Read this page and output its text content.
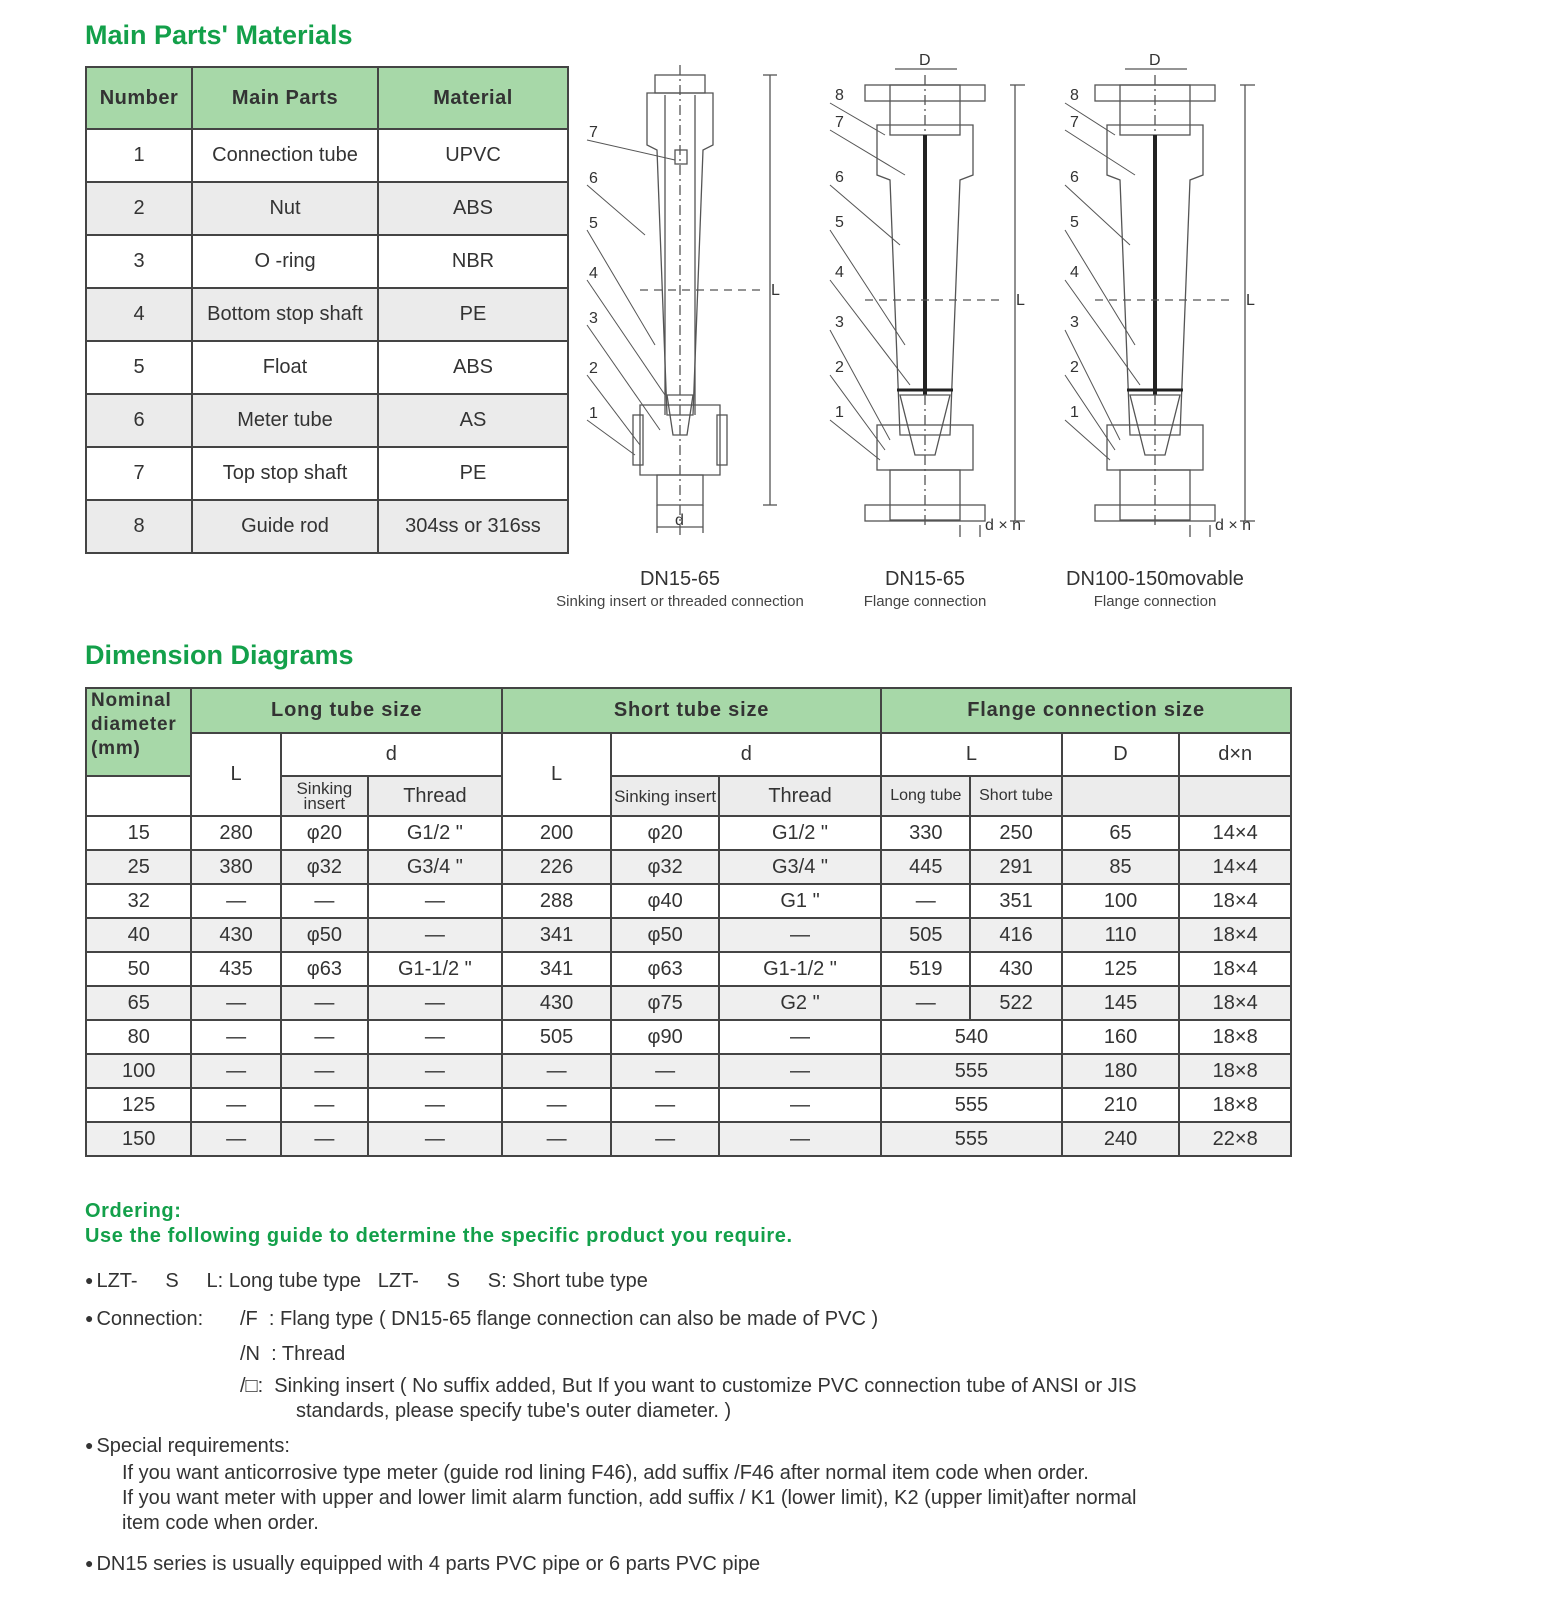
Main Parts' Materials
Number	Main Parts	Material
1	Connection tube	UPVC
2	Nut	ABS
3	O -ring	NBR
4	Bottom stop shaft	PE
5	Float	ABS
6	Meter tube	AS
7	Top stop shaft	PE
8	Guide rod	304ss or 316ss
7
6
5
4
3
2
1
8
7
6
5
4
3
2
1
8
7
6
5
4
3
2
1
L
d
D
L
d × n
D
L
d × n
DN15-65
Sinking insert or threaded connection
DN15-65
Flange connection
DN100-150movable
Flange connection
Dimension Diagrams
Nominal diameter (mm)	Long tube size			Short tube size			Flange connection size			
	L	d		L	d		L		D	d×n
		Sinking insert	Thread		Sinking insert	Thread	Long tube	Short tube		
15	280	φ20	G1/2 "	200	φ20	G1/2 "	330	250	65	14×4
25	380	φ32	G3/4 "	226	φ32	G3/4 "	445	291	85	14×4
32	—	—	—	288	φ40	G1 "	—	351	100	18×4
40	430	φ50	—	341	φ50	—	505	416	110	18×4
50	435	φ63	G1-1/2 "	341	φ63	G1-1/2 "	519	430	125	18×4
65	—	—	—	430	φ75	G2 "	—	522	145	18×4
80	—	—	—	505	φ90	—	540		160	18×8
100	—	—	—	—	—	—	555		180	18×8
125	—	—	—	—	—	—	555		210	18×8
150	—	—	—	—	—	—	555		240	22×8
Ordering:
Use the following guide to determine the specific product you require.
● LZT-     S     L: Long tube type   LZT-     S     S: Short tube type
● Connection: /F  : Flang type ( DN15-65 flange connection can also be made of PVC )
/N  : Thread
/□:  Sinking insert ( No suffix added, But If you want to customize PVC connection tube of ANSI or JIS
standards, please specify tube's outer diameter. )
● Special requirements:
If you want anticorrosive type meter (guide rod lining F46), add suffix /F46 after normal item code when order.
If you want meter with upper and lower limit alarm function, add suffix / K1 (lower limit), K2 (upper limit)after normal
item code when order.
● DN15 series is usually equipped with 4 parts PVC pipe or 6 parts PVC pipe
